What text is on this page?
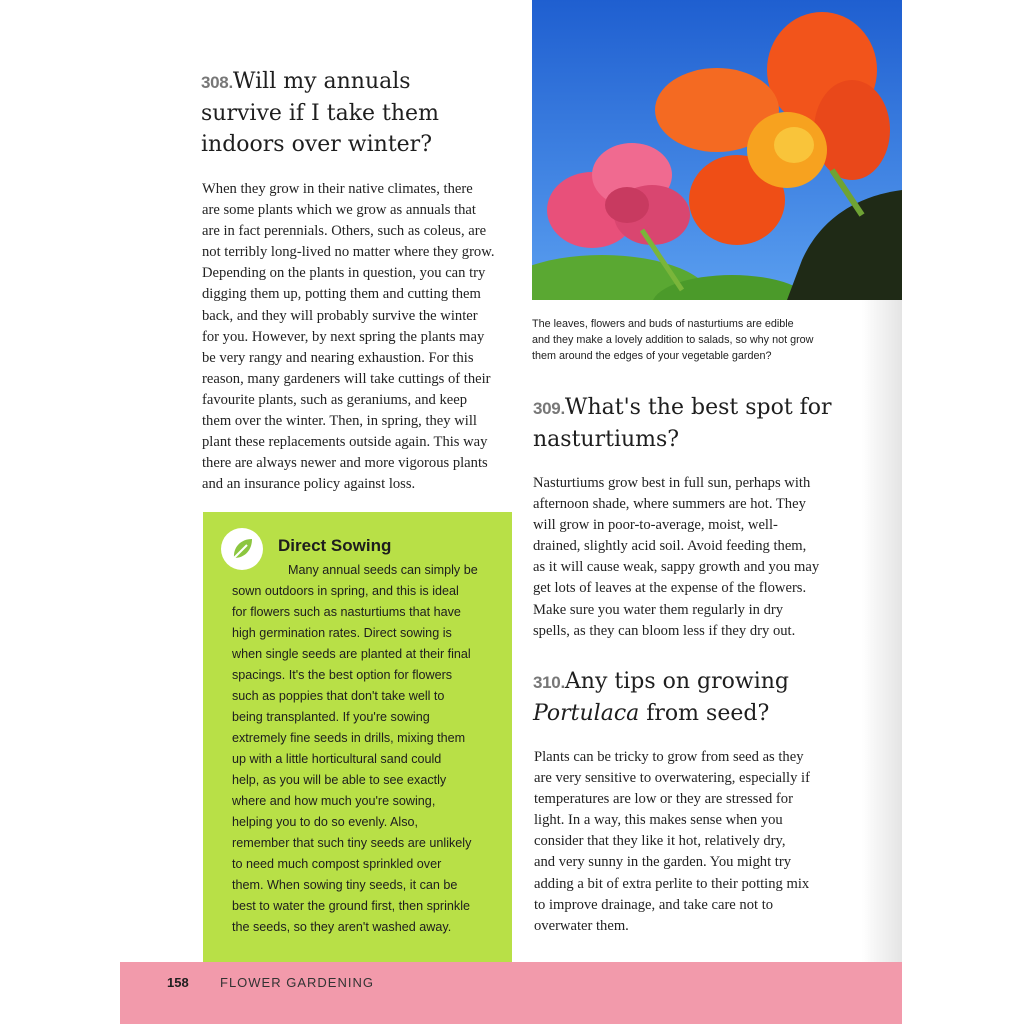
308.Will my annuals
survive if I take them
indoors over winter?
When they grow in their native climates, there
are some plants which we grow as annuals that
are in fact perennials. Others, such as coleus, are
not terribly long-lived no matter where they grow.
Depending on the plants in question, you can try
digging them up, potting them and cutting them
back, and they will probably survive the winter
for you. However, by next spring the plants may
be very rangy and nearing exhaustion. For this
reason, many gardeners will take cuttings of their
favourite plants, such as geraniums, and keep
them over the winter. Then, in spring, they will
plant these replacements outside again. This way
there are always newer and more vigorous plants
and an insurance policy against loss.
Direct Sowing
Many annual seeds can simply be
sown outdoors in spring, and this is ideal
for flowers such as nasturtiums that have
high germination rates. Direct sowing is
when single seeds are planted at their final
spacings. It's the best option for flowers
such as poppies that don't take well to
being transplanted. If you're sowing
extremely fine seeds in drills, mixing them
up with a little horticultural sand could
help, as you will be able to see exactly
where and how much you're sowing,
helping you to do so evenly. Also,
remember that such tiny seeds are unlikely
to need much compost sprinkled over
them. When sowing tiny seeds, it can be
best to water the ground first, then sprinkle
the seeds, so they aren't washed away.
The leaves, flowers and buds of nasturtiums are edible
and they make a lovely addition to salads, so why not grow
them around the edges of your vegetable garden?
309.What's the best spot for
nasturtiums?
Nasturtiums grow best in full sun, perhaps with
afternoon shade, where summers are hot. They
will grow in poor-to-average, moist, well-
drained, slightly acid soil. Avoid feeding them,
as it will cause weak, sappy growth and you may
get lots of leaves at the expense of the flowers.
Make sure you water them regularly in dry
spells, as they can bloom less if they dry out.
310.Any tips on growing
Portulaca from seed?
Plants can be tricky to grow from seed as they
are very sensitive to overwatering, especially if
temperatures are low or they are stressed for
light. In a way, this makes sense when you
consider that they like it hot, relatively dry,
and very sunny in the garden. You might try
adding a bit of extra perlite to their potting mix
to improve drainage, and take care not to
overwater them.
158 FLOWER GARDENING
